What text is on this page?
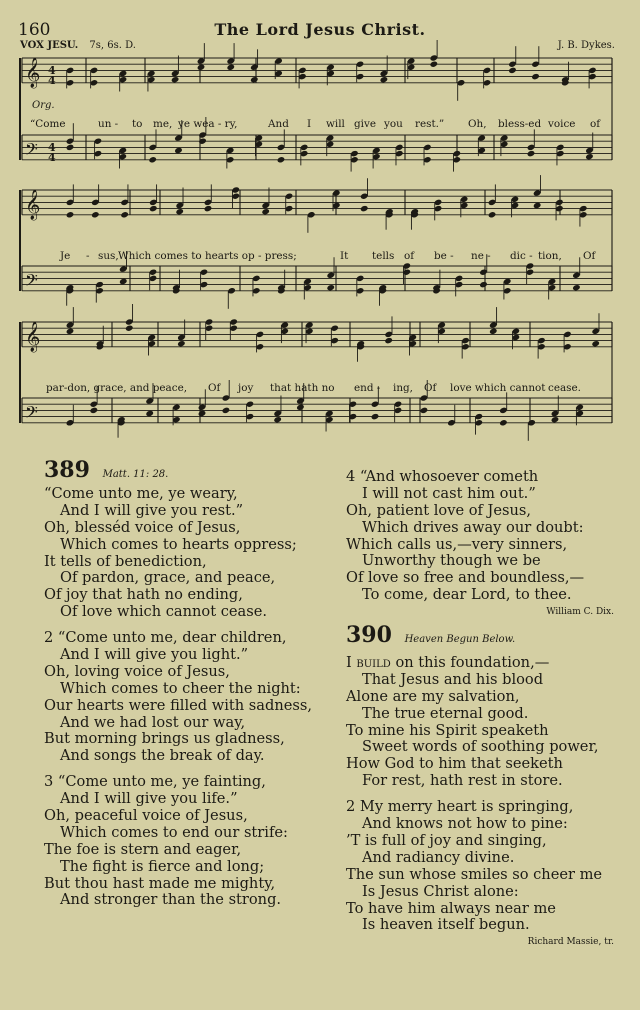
160	The Lord Jesus Christ.
VOX JESU. 7s, 6s. D.	J. B. Dykes.
𝄞 4
4
𝄢 4
4
𝄞
𝄢
𝄞
𝄢
Org.
“Come	un - to me, ye wea - ry,	And I will give you rest.” Oh, bless-ed voice of
Je - sus, Which comes to hearts op - press;	It tells of be - ne - dic - tion, Of
par-don, grace, and peace, Of joy that hath no end - ing, Of love which cannot cease.
389 Matt. 11: 28.
“Come unto me, ye weary,
And I will give you rest.”
Oh, blesséd voice of Jesus,
Which comes to hearts oppress;
It tells of benediction,
Of pardon, grace, and peace,
Of joy that hath no ending,
Of love which cannot cease.
2 “Come unto me, dear children,
And I will give you light.”
Oh, loving voice of Jesus,
Which comes to cheer the night:
Our hearts were filled with sadness,
And we had lost our way,
But morning brings us gladness,
And songs the break of day.
3 “Come unto me, ye fainting,
And I will give you life.”
Oh, peaceful voice of Jesus,
Which comes to end our strife:
The foe is stern and eager,
The fight is fierce and long;
But thou hast made me mighty,
And stronger than the strong.
4 “And whosoever cometh
I will not cast him out.”
Oh, patient love of Jesus,
Which drives away our doubt:
Which calls us,—very sinners,
Unworthy though we be
Of love so free and boundless,—
To come, dear Lord, to thee.
William C. Dix.
390 Heaven Begun Below.
I build on this foundation,—
That Jesus and his blood
Alone are my salvation,
The true eternal good.
To mine his Spirit speaketh
Sweet words of soothing power,
How God to him that seeketh
For rest, hath rest in store.
2 My merry heart is springing,
And knows not how to pine:
’T is full of joy and singing,
And radiancy divine.
The sun whose smiles so cheer me
Is Jesus Christ alone:
To have him always near me
Is heaven itself begun.
Richard Massie, tr.
